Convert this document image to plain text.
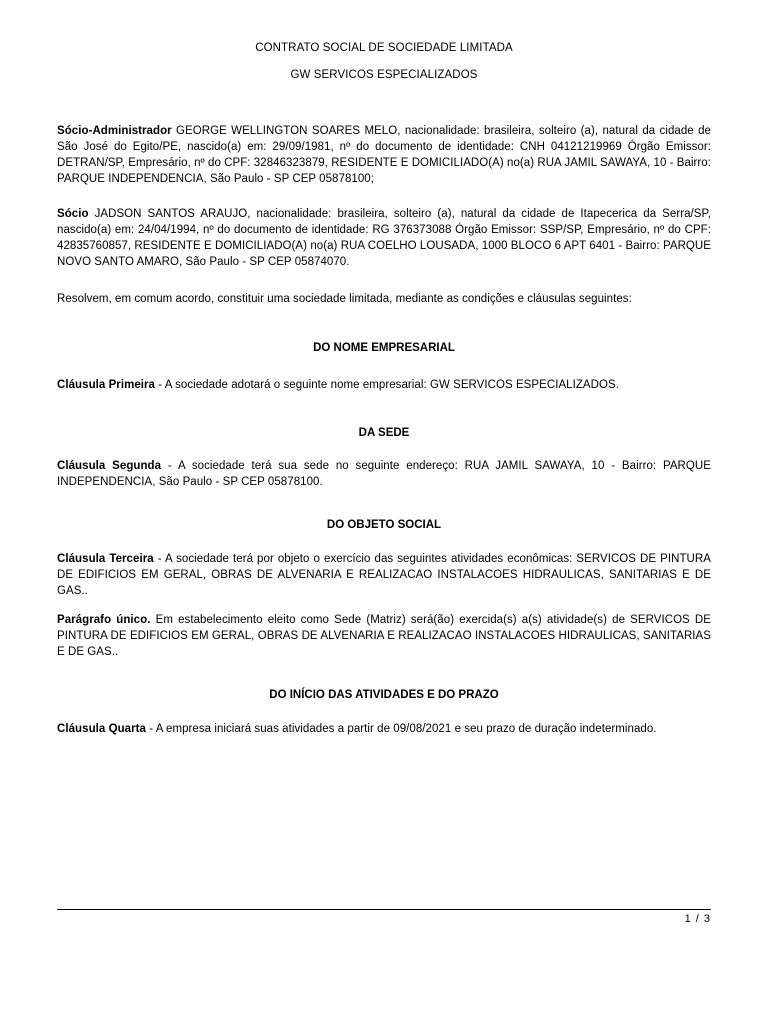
CONTRATO SOCIAL DE SOCIEDADE LIMITADA
GW SERVICOS ESPECIALIZADOS
Sócio-Administrador GEORGE WELLINGTON SOARES MELO, nacionalidade: brasileira, solteiro (a), natural da cidade de São José do Egito/PE, nascido(a) em: 29/09/1981, nº do documento de identidade: CNH 04121219969 Órgão Emissor: DETRAN/SP, Empresário, nº do CPF: 32846323879, RESIDENTE E DOMICILIADO(A) no(a) RUA JAMIL SAWAYA, 10 - Bairro: PARQUE INDEPENDENCIA, São Paulo - SP CEP 05878100;
Sócio JADSON SANTOS ARAUJO, nacionalidade: brasileira, solteiro (a), natural da cidade de Itapecerica da Serra/SP, nascido(a) em: 24/04/1994, nº do documento de identidade: RG 376373088 Órgão Emissor: SSP/SP, Empresário, nº do CPF: 42835760857, RESIDENTE E DOMICILIADO(A) no(a) RUA COELHO LOUSADA, 1000 BLOCO 6 APT 6401 - Bairro: PARQUE NOVO SANTO AMARO, São Paulo - SP CEP 05874070.
Resolvem, em comum acordo, constituir uma sociedade limitada, mediante as condições e cláusulas seguintes:
DO NOME EMPRESARIAL
Cláusula Primeira - A sociedade adotará o seguinte nome empresarial: GW SERVICOS ESPECIALIZADOS.
DA SEDE
Cláusula Segunda - A sociedade terá sua sede no seguinte endereço: RUA JAMIL SAWAYA, 10 - Bairro: PARQUE INDEPENDENCIA, São Paulo - SP CEP 05878100.
DO OBJETO SOCIAL
Cláusula Terceira - A sociedade terá por objeto o exercício das seguintes atividades econômicas: SERVICOS DE PINTURA DE EDIFICIOS EM GERAL, OBRAS DE ALVENARIA E REALIZACAO INSTALACOES HIDRAULICAS, SANITARIAS E DE GAS..
Parágrafo único. Em estabelecimento eleito como Sede (Matriz) será(ão) exercida(s) a(s) atividade(s) de SERVICOS DE PINTURA DE EDIFICIOS EM GERAL, OBRAS DE ALVENARIA E REALIZACAO INSTALACOES HIDRAULICAS, SANITARIAS E DE GAS..
DO INÍCIO DAS ATIVIDADES E DO PRAZO
Cláusula Quarta - A empresa iniciará suas atividades a partir de 09/08/2021 e seu prazo de duração indeterminado.
1 / 3
